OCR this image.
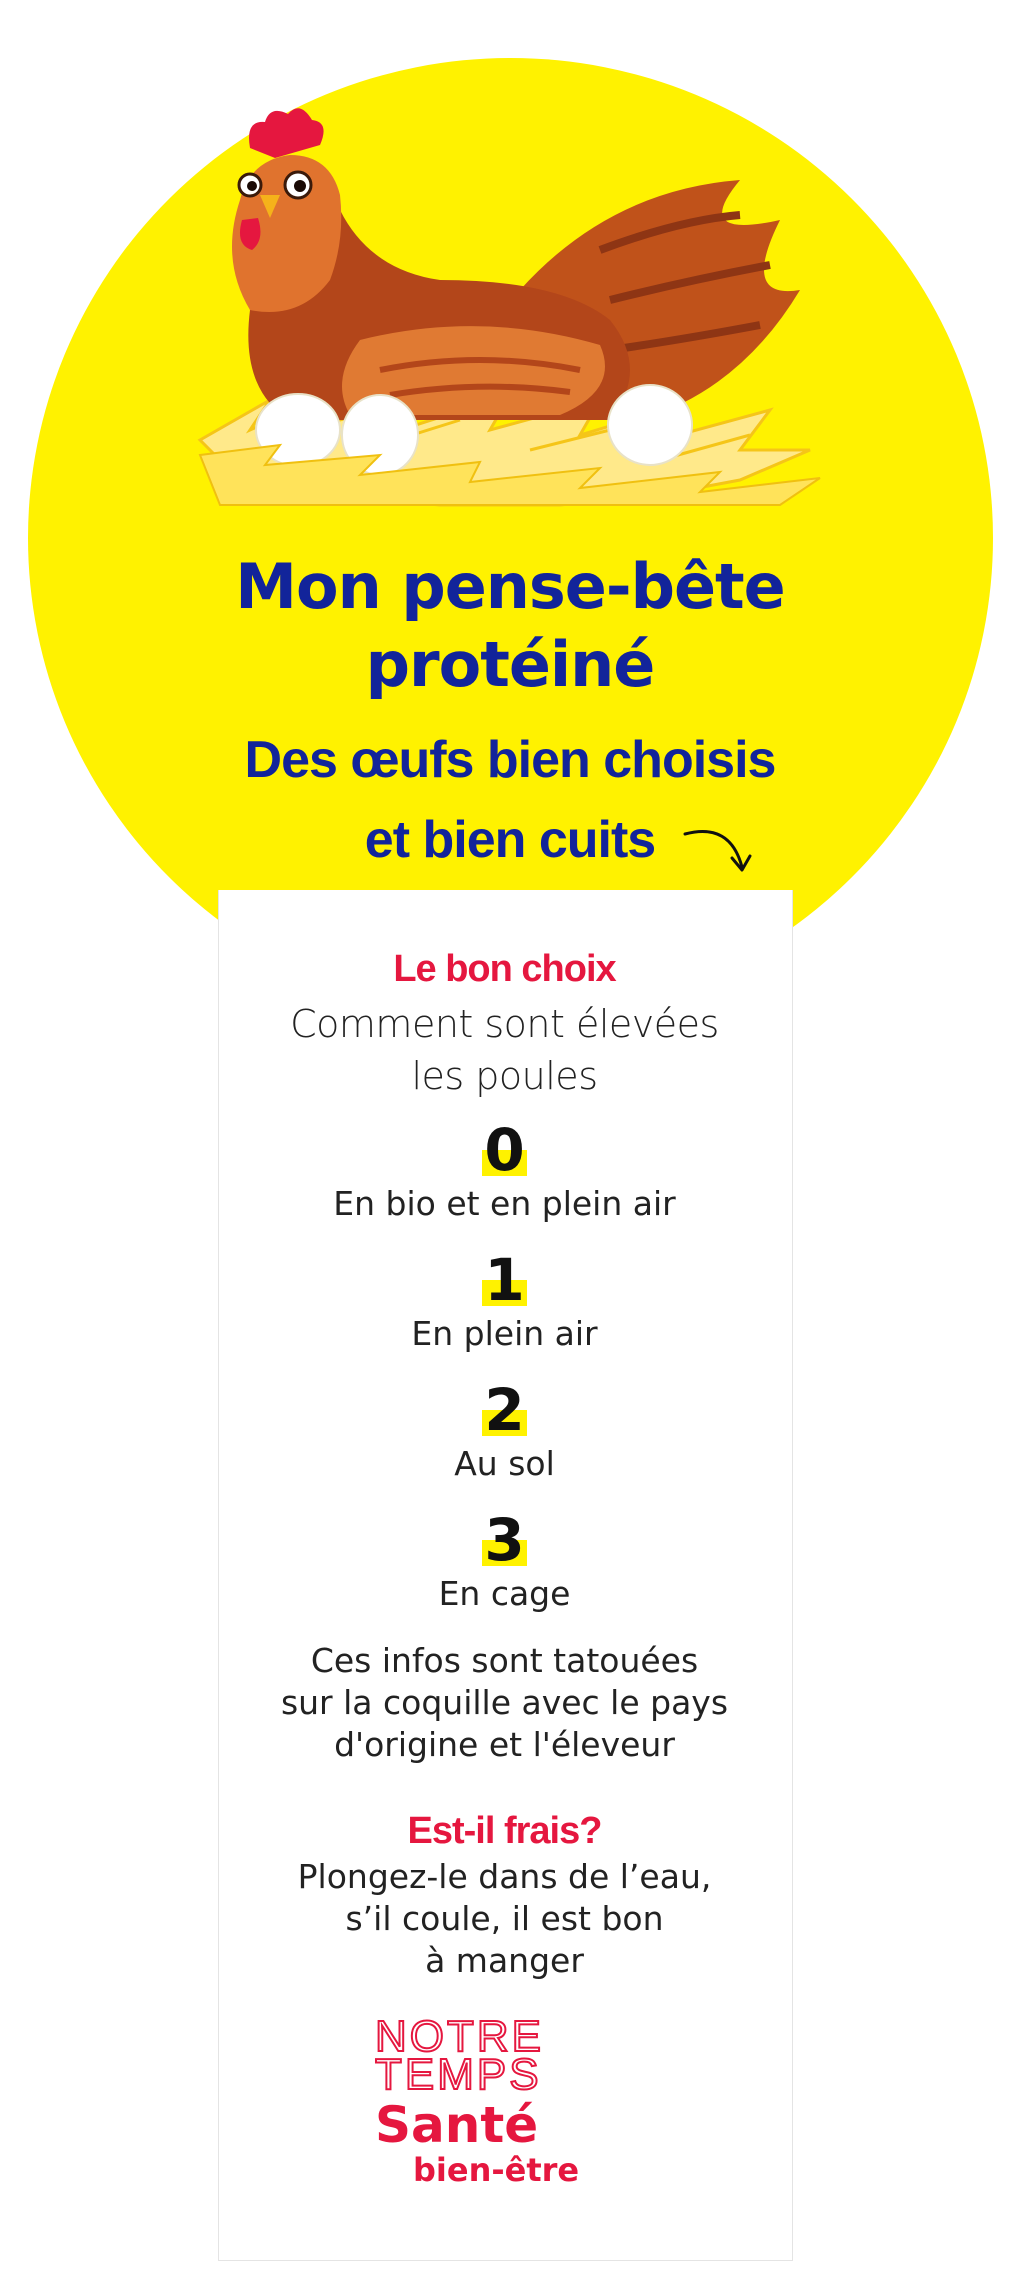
Mon pense-bête
protéiné
Des œufs bien choisis
et bien cuits
Le bon choix
Comment sont élevées
les poules
0
En bio et en plein air
1
En plein air
2
Au sol
3
En cage
Ces infos sont tatouées
sur la coquille avec le pays
d'origine et l'éleveur
Est-il frais?
Plongez-le dans de l’eau,
s’il coule, il est bon
à manger
NOTRE
TEMPS
Santé
bien-être
